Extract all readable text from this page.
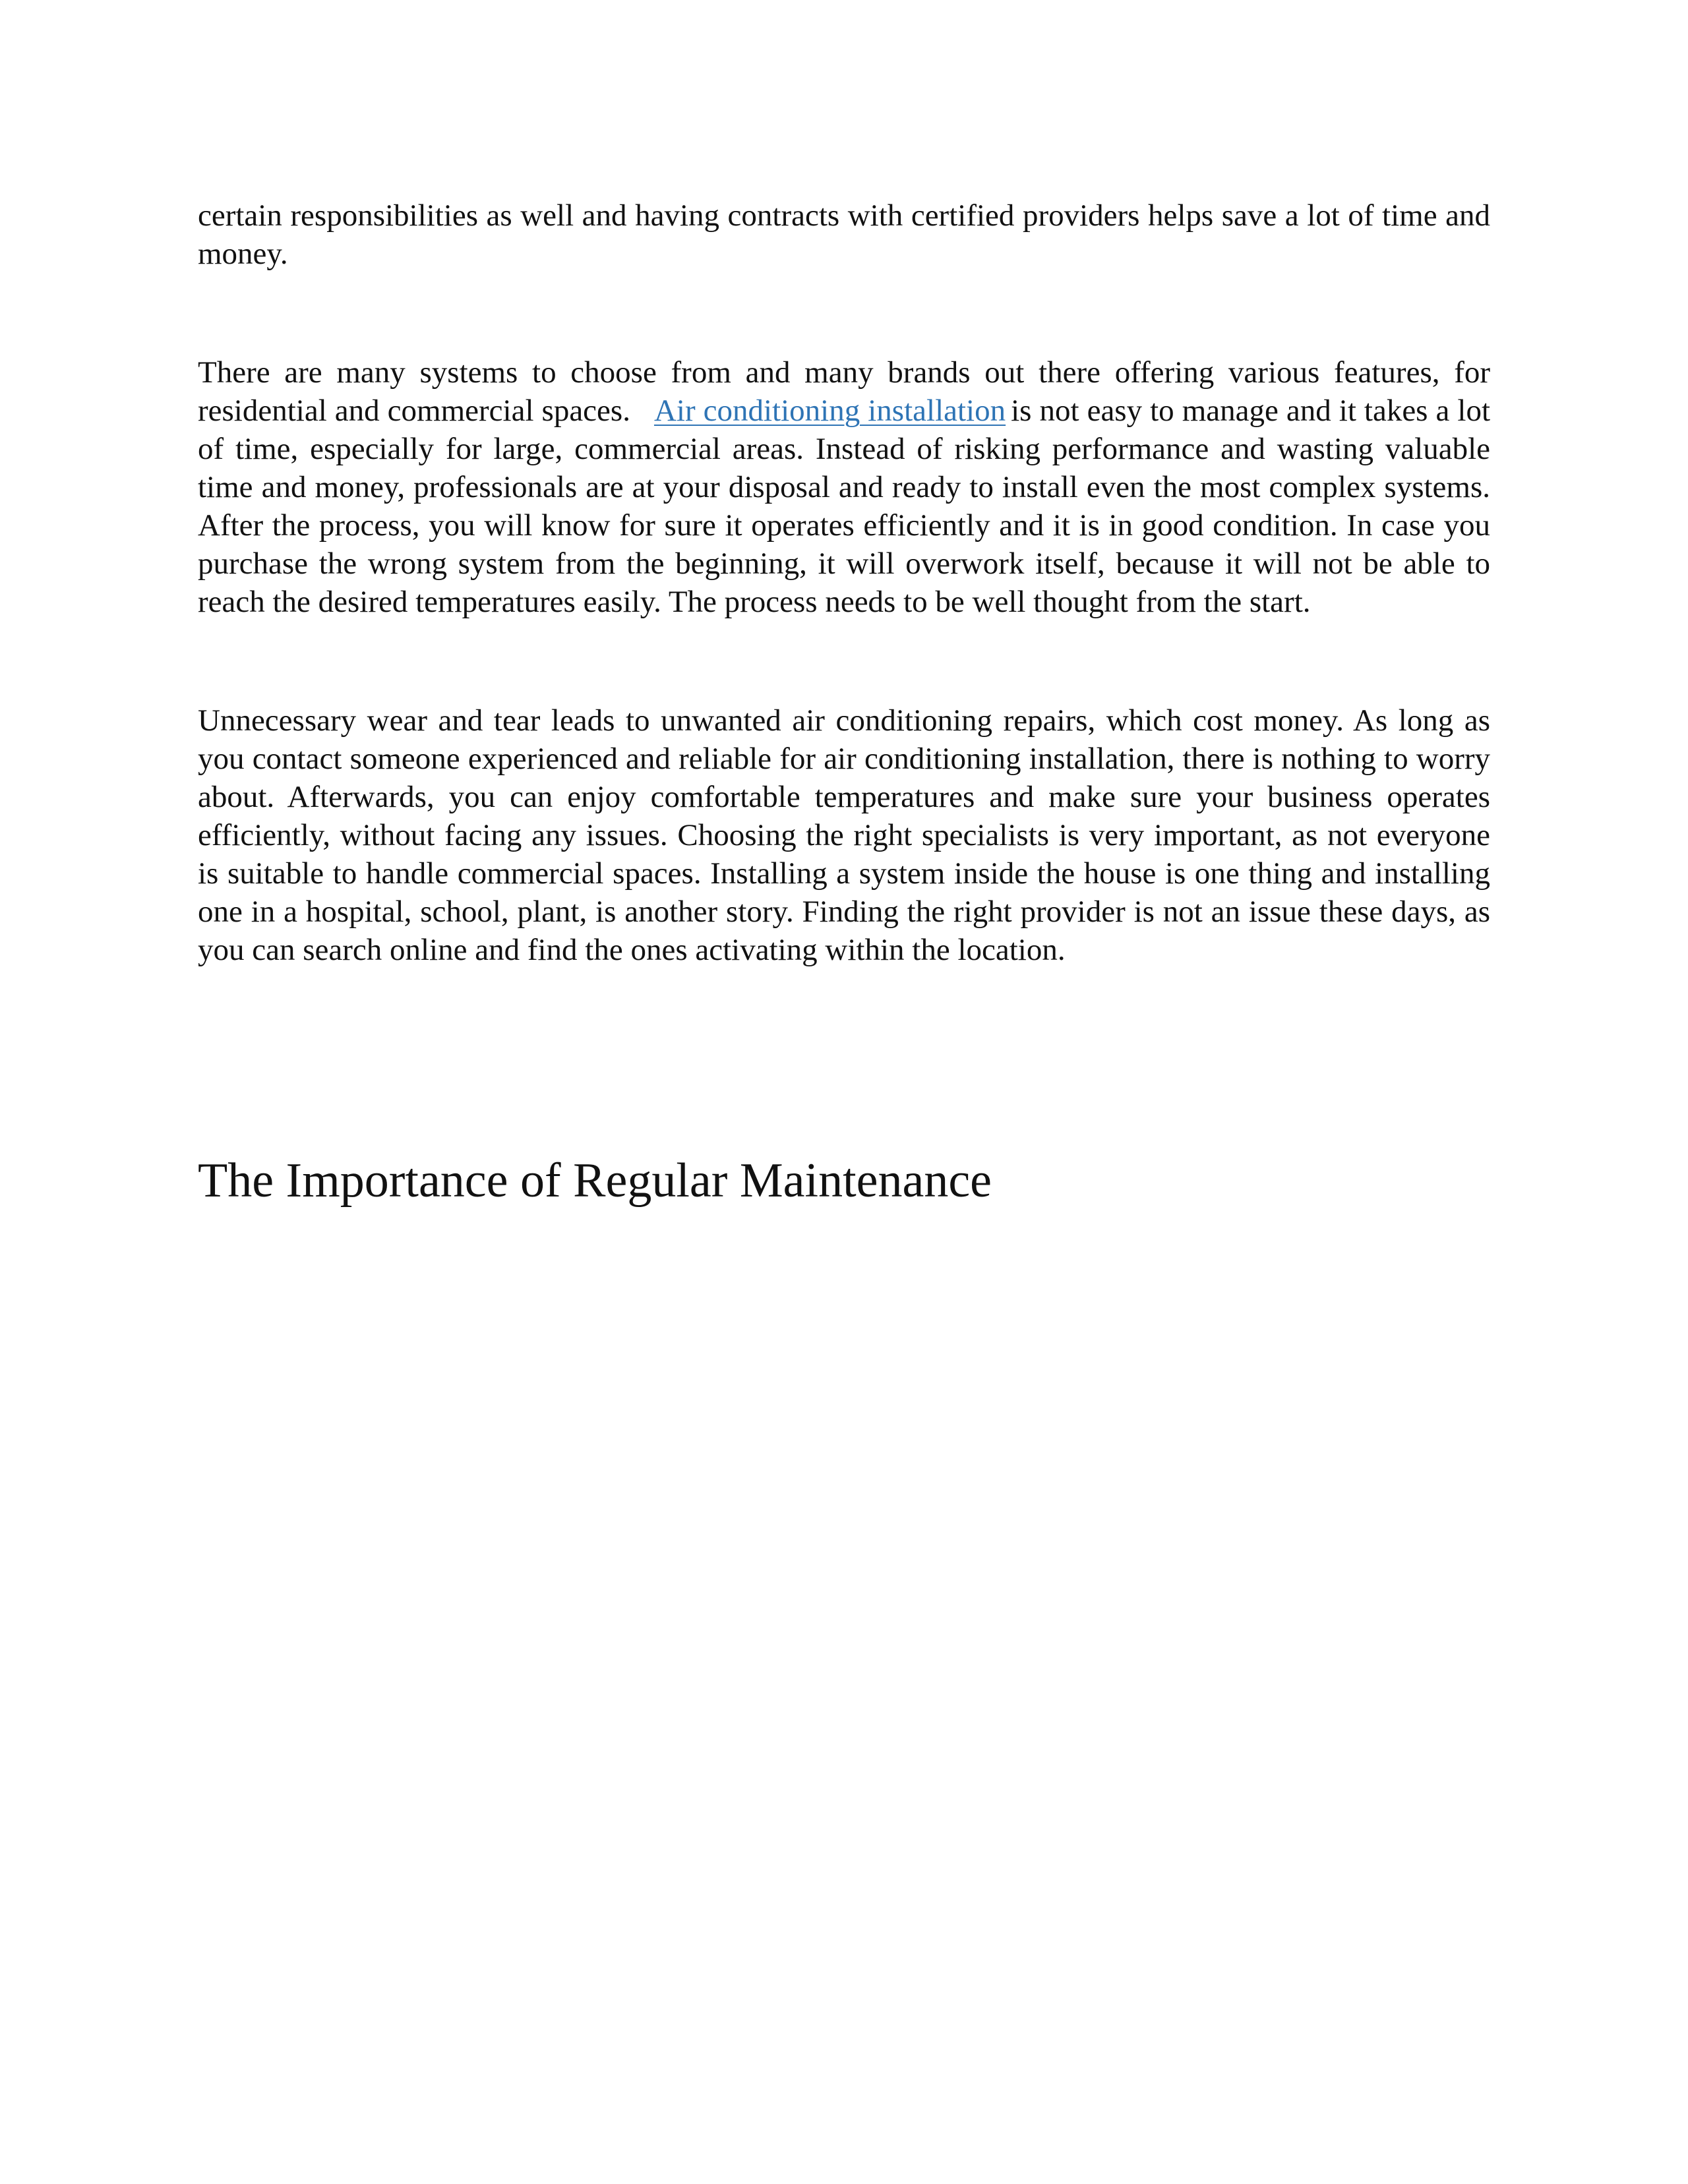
certain responsibilities as well and having contracts with certified providers helps save a lot of time and money.

There are many systems to choose from and many brands out there offering various features, for residential and commercial spaces. Air conditioning installation is not easy to manage and it takes a lot of time, especially for large, commercial areas. Instead of risking performance and wasting valuable time and money, professionals are at your disposal and ready to install even the most complex systems. After the process, you will know for sure it operates efficiently and it is in good condition. In case you purchase the wrong system from the beginning, it will overwork itself, because it will not be able to reach the desired temperatures easily. The process needs to be well thought from the start.

Unnecessary wear and tear leads to unwanted air conditioning repairs, which cost money. As long as you contact someone experienced and reliable for air conditioning installation, there is nothing to worry about. Afterwards, you can enjoy comfortable temperatures and make sure your business operates efficiently, without facing any issues. Choosing the right specialists is very important, as not everyone is suitable to handle commercial spaces. Installing a system inside the house is one thing and installing one in a hospital, school, plant, is another story. Finding the right provider is not an issue these days, as you can search online and find the ones activating within the location.

The Importance of Regular Maintenance
